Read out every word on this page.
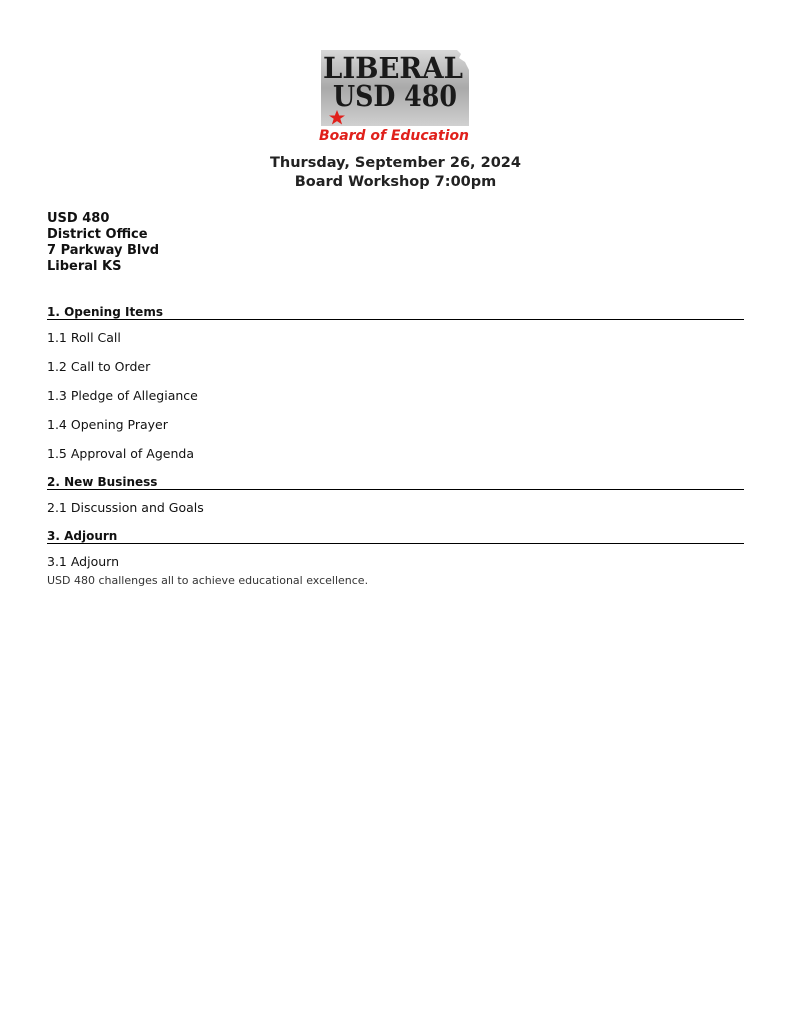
LIBERAL
USD 480
Board of Education
Thursday, September 26, 2024
Board Workshop 7:00pm
USD 480
District Office
7 Parkway Blvd
Liberal KS
1. Opening Items
1.1 Roll Call
1.2 Call to Order
1.3 Pledge of Allegiance
1.4 Opening Prayer
1.5 Approval of Agenda
2. New Business
2.1 Discussion and Goals
3. Adjourn
3.1 Adjourn
USD 480 challenges all to achieve educational excellence.
